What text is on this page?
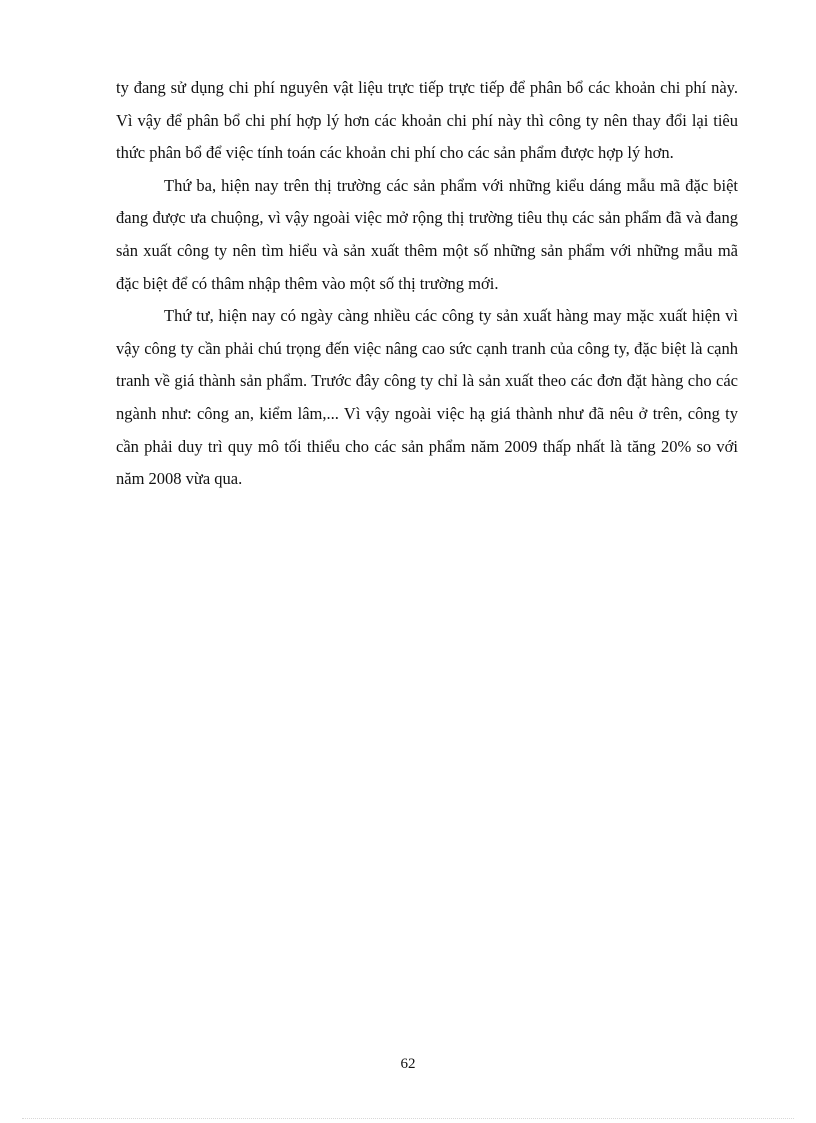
ty đang sử dụng chi phí nguyên vật liệu trực tiếp trực tiếp để phân bổ các khoản chi phí này. Vì vậy để phân bổ chi phí hợp lý hơn các khoản chi phí này thì công ty nên thay đổi lại tiêu thức phân bổ để việc tính toán các khoản chi phí cho các sản phẩm được hợp lý hơn.

Thứ ba, hiện nay trên thị trường các sản phẩm với những kiểu dáng mẫu mã đặc biệt đang được ưa chuộng, vì vậy ngoài việc mở rộng thị trường tiêu thụ các sản phẩm đã và đang sản xuất công ty nên tìm hiểu và sản xuất thêm một số những sản phẩm với những mẫu mã đặc biệt để có thâm nhập thêm vào một số thị trường mới.

Thứ tư, hiện nay có ngày càng nhiều các công ty sản xuất hàng may mặc xuất hiện vì vậy công ty cần phải chú trọng đến việc nâng cao sức cạnh tranh của công ty, đặc biệt là cạnh tranh về giá thành sản phẩm. Trước đây công ty chỉ là sản xuất theo các đơn đặt hàng cho các ngành như: công an, kiểm lâm,... Vì vậy ngoài việc hạ giá thành như đã nêu ở trên, công ty cần phải duy trì quy mô tối thiểu cho các sản phẩm năm 2009 thấp nhất là tăng 20% so với năm 2008 vừa qua.

62
